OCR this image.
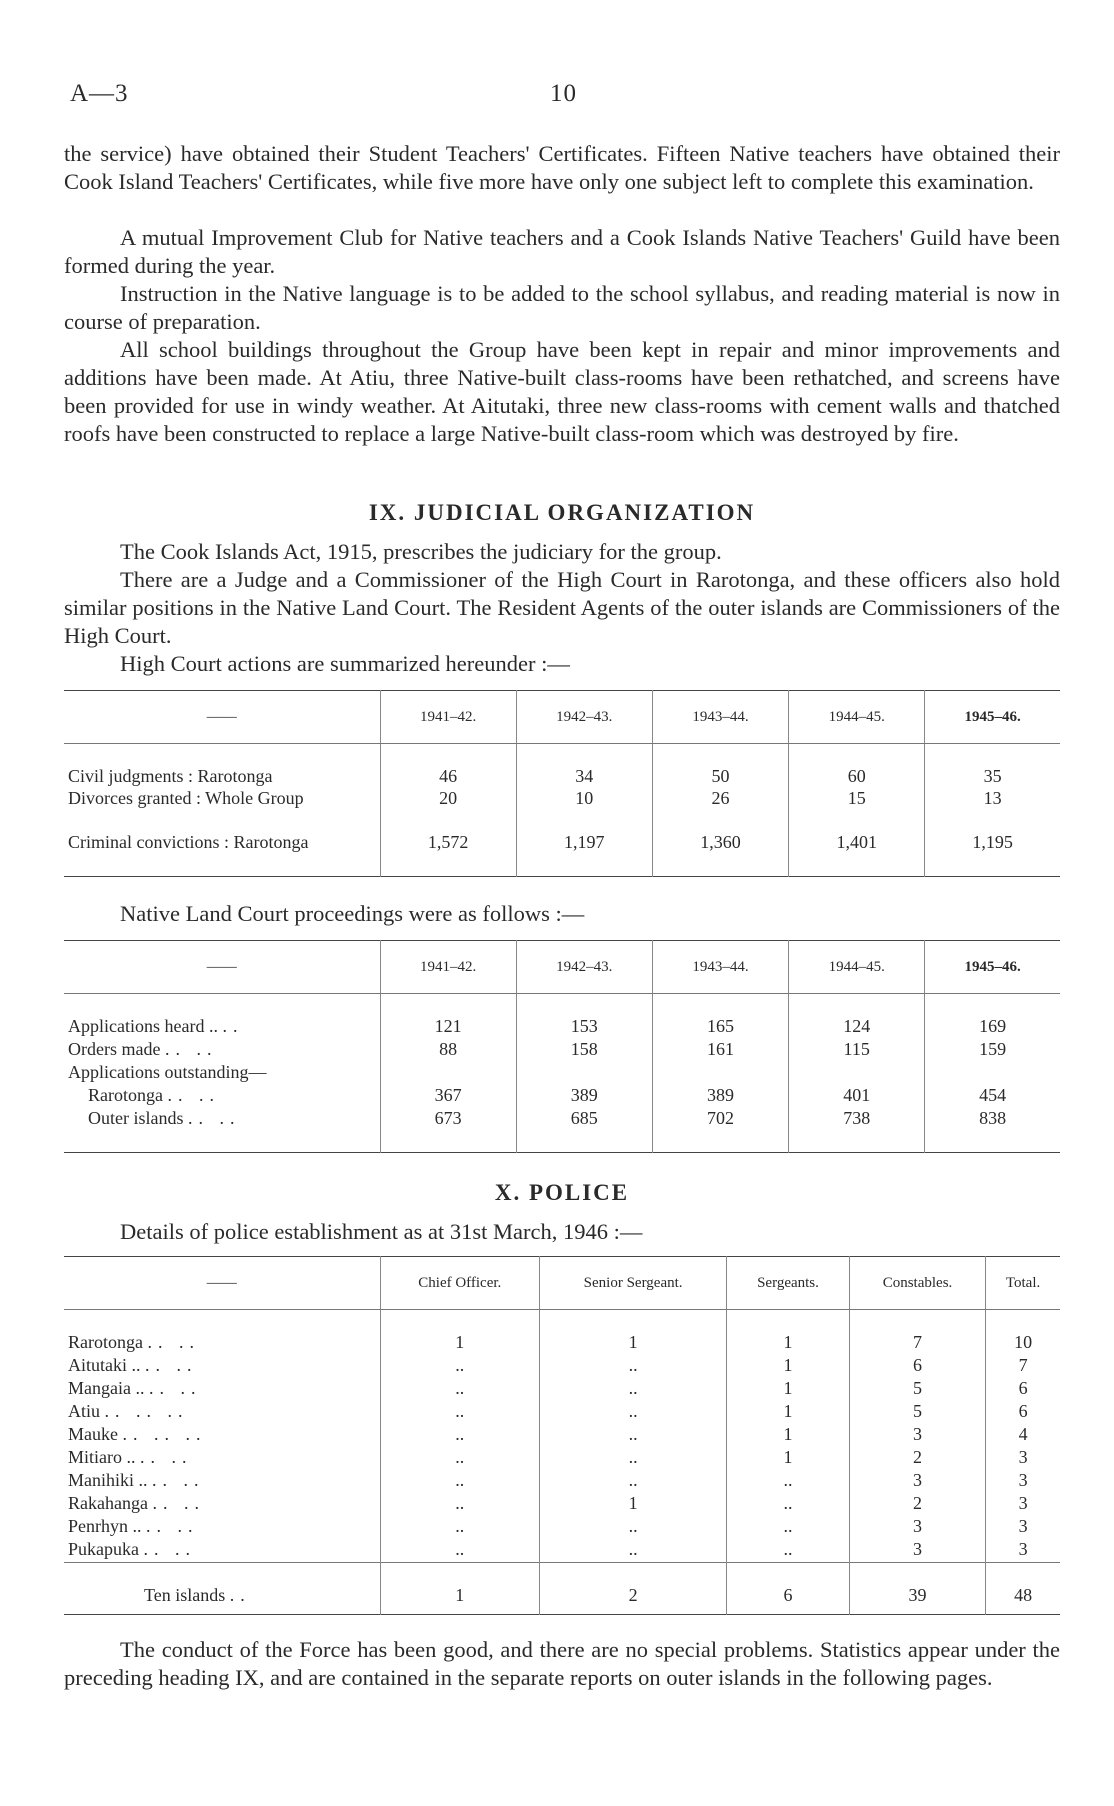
A—3	10

the service) have obtained their Student Teachers' Certificates. Fifteen Native teachers have obtained their Cook Island Teachers' Certificates, while five more have only one subject left to complete this examination.

A mutual Improvement Club for Native teachers and a Cook Islands Native Teachers' Guild have been formed during the year.

Instruction in the Native language is to be added to the school syllabus, and reading material is now in course of preparation.

All school buildings throughout the Group have been kept in repair and minor improvements and additions have been made. At Atiu, three Native-built class-rooms have been rethatched, and screens have been provided for use in windy weather. At Aitutaki, three new class-rooms with cement walls and thatched roofs have been constructed to replace a large Native-built class-room which was destroyed by fire.

IX. JUDICIAL ORGANIZATION

The Cook Islands Act, 1915, prescribes the judiciary for the group.

There are a Judge and a Commissioner of the High Court in Rarotonga, and these officers also hold similar positions in the Native Land Court. The Resident Agents of the outer islands are Commissioners of the High Court.

High Court actions are summarized hereunder :—

——	1941–42.	1942–43.	1943–44.	1944–45.	1945–46.

Civil judgments : Rarotonga	46	34	50	60	35
Divorces granted : Whole Group	20	10	26	15	13
Criminal convictions : Rarotonga	1,572	1,197	1,360	1,401	1,195

Native Land Court proceedings were as follows :—

——	1941–42.	1942–43.	1943–44.	1944–45.	1945–46.

Applications heard .. ..	121	153	165	124	169
Orders made .. ..	88	158	161	115	159
Applications outstanding—					
Rarotonga .. ..	367	389	389	401	454
Outer islands .. ..	673	685	702	738	838
X. POLICE

Details of police establishment as at 31st March, 1946 :—

——	Chief Officer.	Senior Sergeant.	Sergeants.	Constables.	Total.

Rarotonga .. ..	1	1	1	7	10
Aitutaki .. .. ..	..	..	1	6	7
Mangaia .. .. ..	..	..	1	5	6
Atiu .. .. ..	..	..	1	5	6
Mauke .. .. ..	..	..	1	3	4
Mitiaro .. .. ..	..	..	1	2	3
Manihiki .. .. ..	..	..	..	3	3
Rakahanga .. ..	..	1	..	2	3
Penrhyn .. .. ..	..	..	..	3	3
Pukapuka .. ..	..	..	..	3	3

Ten islands ..	1	2	6	39	48

The conduct of the Force has been good, and there are no special problems. Statistics appear under the preceding heading IX, and are contained in the separate reports on outer islands in the following pages.
